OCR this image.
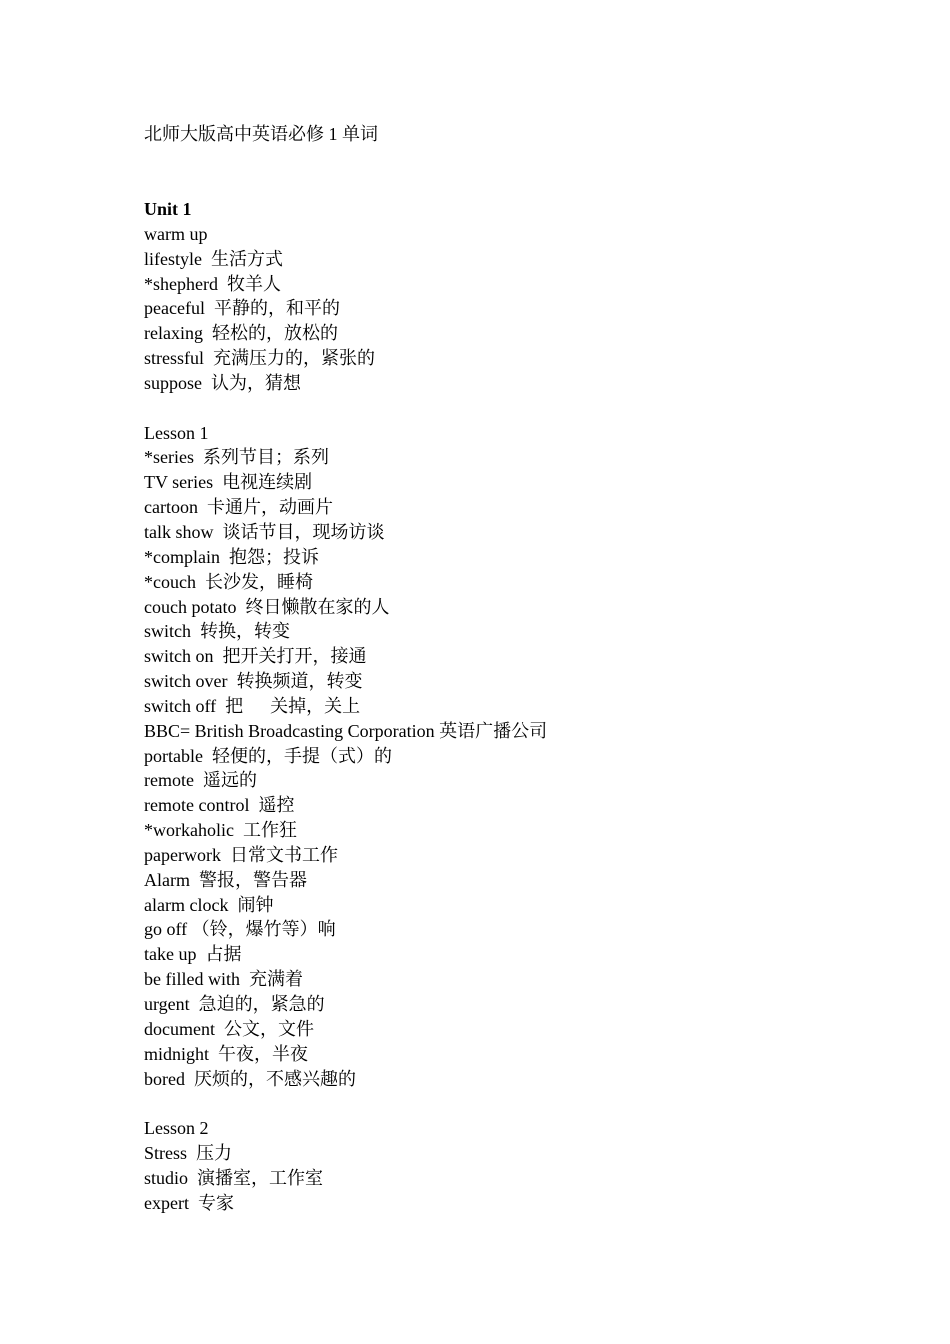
北师大版高中英语必修 1 单词
Unit 1
warm up
lifestyle  生活方式
*shepherd  牧羊人
peaceful  平静的，和平的
relaxing  轻松的，放松的
stressful  充满压力的，紧张的
suppose  认为，猜想
Lesson 1
*series  系列节目；系列
TV series  电视连续剧
cartoon  卡通片，动画片
talk show  谈话节目，现场访谈
*complain  抱怨；投诉
*couch  长沙发，睡椅
couch potato  终日懒散在家的人
switch  转换，转变
switch on  把开关打开，接通
switch over  转换频道，转变
switch off  把      关掉，关上
BBC= British Broadcasting Corporation 英语广播公司
portable  轻便的，手提（式）的
remote  遥远的
remote control  遥控
*workaholic  工作狂
paperwork  日常文书工作
Alarm  警报，警告器
alarm clock  闹钟
go off （铃，爆竹等）响
take up  占据
be filled with  充满着
urgent  急迫的，紧急的
document  公文，文件
midnight  午夜，半夜
bored  厌烦的，不感兴趣的
Lesson 2
Stress  压力
studio  演播室，工作室
expert  专家
